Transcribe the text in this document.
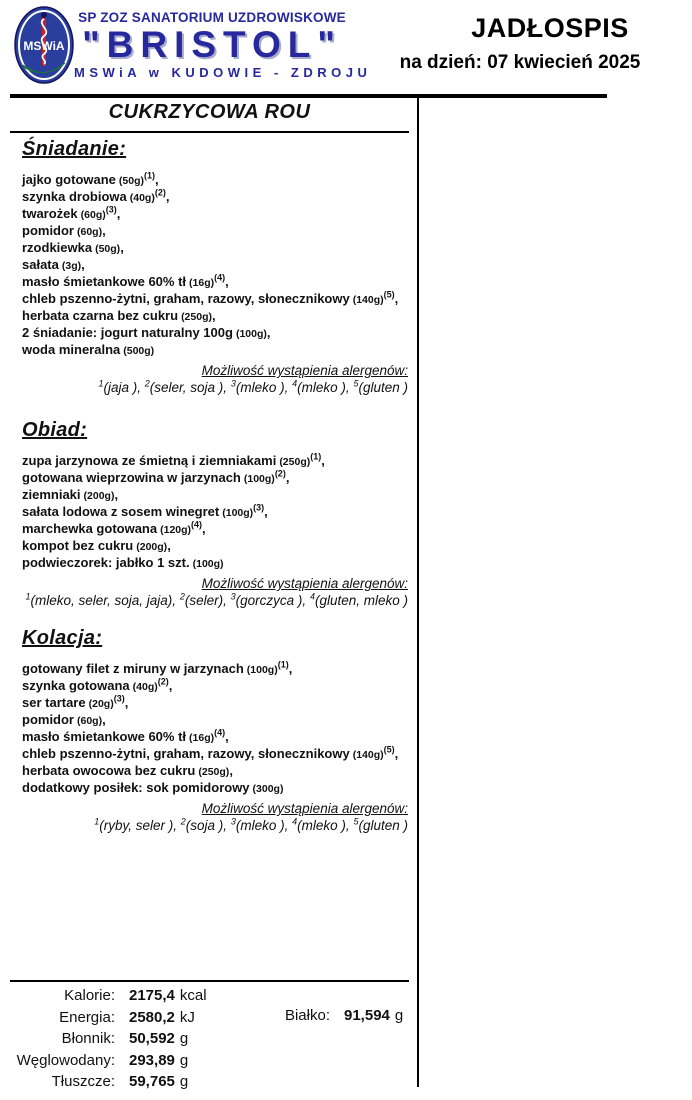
MSWiA
SP ZOZ SANATORIUM UZDROWISKOWE
"BRISTOL"
MSWiA w KUDOWIE - ZDROJU
JADŁOSPIS
na dzień: 07 kwiecień 2025
CUKRZYCOWA ROU
Śniadanie:
jajko gotowane $(50g)^{(1)}$,
szynka drobiowa $(40g)^{(2)}$,
twarożek $(60g)^{(3)}$,
pomidor (60g),
rzodkiewka (50g),
sałata (3g),
masło śmietankowe 60% tł $(16g)^{(4)}$,
chleb pszenno-żytni, graham, razowy, słonecznikowy $(140g)^{(5)}$,
herbata czarna bez cukru (250g),
2 śniadanie: jogurt naturalny 100g (100g),
woda mineralna (500g)
Możliwość wystąpienia alergenów:
$^1$(jaja ), $^2$(seler, soja ), $^3$(mleko ), $^4$(mleko ), $^5$(gluten )
Obiad:
zupa jarzynowa ze śmietną i ziemniakami $(250g)^{(1)}$,
gotowana wieprzowina w jarzynach $(100g)^{(2)}$,
ziemniaki (200g),
sałata lodowa z sosem winegret $(100g)^{(3)}$,
marchewka gotowana $(120g)^{(4)}$,
kompot bez cukru (200g),
podwieczorek: jabłko 1 szt. (100g)
Możliwość wystąpienia alergenów:
$^1$(mleko, seler, soja, jaja), $^2$(seler), $^3$(gorczyca ), $^4$(gluten, mleko )
Kolacja:
gotowany filet z miruny w jarzynach $(100g)^{(1)}$,
szynka gotowana $(40g)^{(2)}$,
ser tartare $(20g)^{(3)}$,
pomidor (60g),
masło śmietankowe 60% tł $(16g)^{(4)}$,
chleb pszenno-żytni, graham, razowy, słonecznikowy $(140g)^{(5)}$,
herbata owocowa bez cukru (250g),
dodatkowy posiłek: sok pomidorowy (300g)
Możliwość wystąpienia alergenów:
$^1$(ryby, seler ), $^2$(soja ), $^3$(mleko ), $^4$(mleko ), $^5$(gluten )
Kalorie: 2175,4 kcal
Energia: 2580,2 kJ	Białko: 91,594 g
Błonnik: 50,592 g
Węglowodany: 293,89 g
Tłuszcze: 59,765 g
